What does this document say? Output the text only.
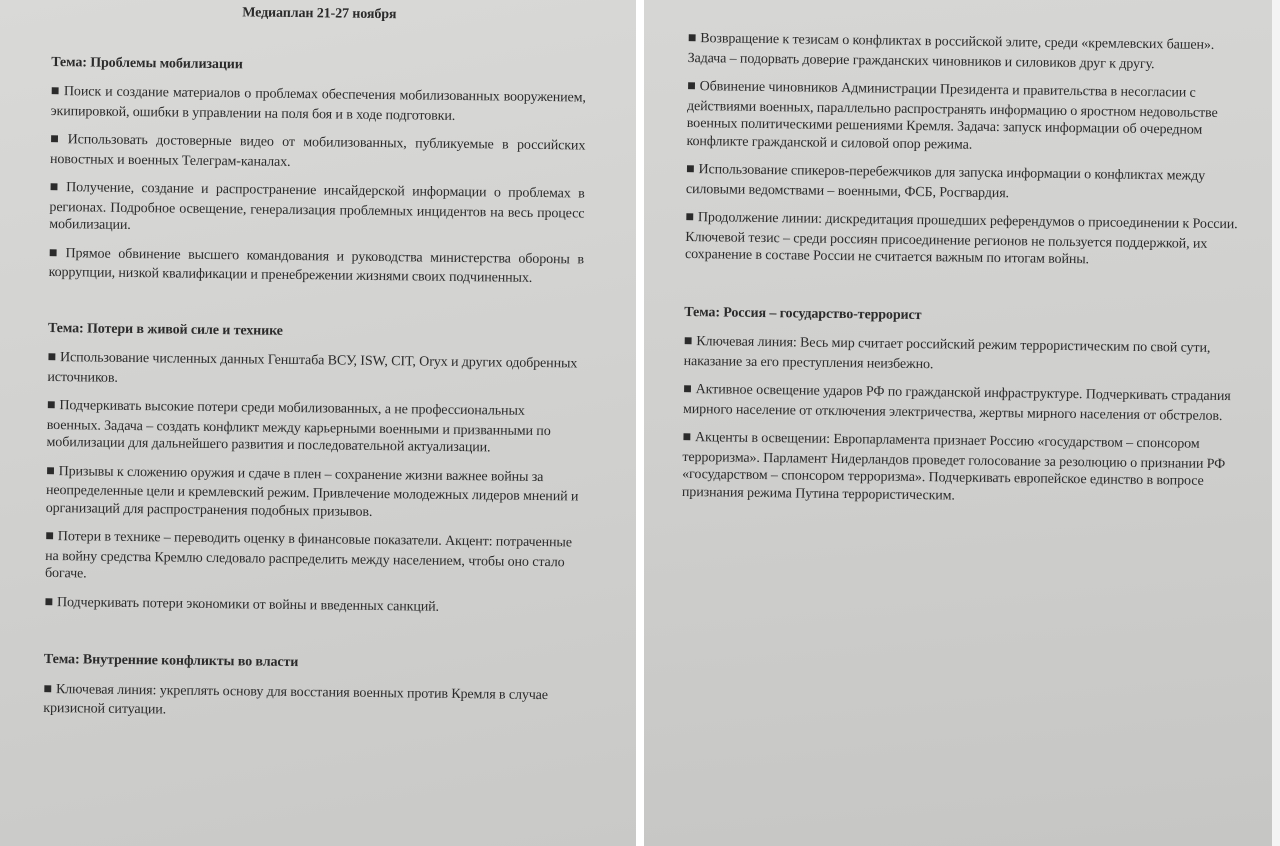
Медиаплан 21-27 ноября
Тема: Проблемы мобилизации
■ Поиск и создание материалов о проблемах обеспечения мобилизованных вооружением, экипировкой, ошибки в управлении на поля боя и в ходе подготовки.
■ Использовать достоверные видео от мобилизованных, публикуемые в российских новостных и военных Телеграм-каналах.
■ Получение, создание и распространение инсайдерской информации о проблемах в регионах. Подробное освещение, генерализация проблемных инцидентов на весь процесс мобилизации.
■ Прямое обвинение высшего командования и руководства министерства обороны в коррупции, низкой квалификации и пренебрежении жизнями своих подчиненных.
Тема: Потери в живой силе и технике
■ Использование численных данных Генштаба ВСУ, ISW, CIT, Oryx и других одобренных источников.
■ Подчеркивать высокие потери среди мобилизованных, а не профессиональных военных. Задача – создать конфликт между карьерными военными и призванными по мобилизации для дальнейшего развития и последовательной актуализации.
■ Призывы к сложению оружия и сдаче в плен – сохранение жизни важнее войны за неопределенные цели и кремлевский режим. Привлечение молодежных лидеров мнений и организаций для распространения подобных призывов.
■ Потери в технике – переводить оценку в финансовые показатели. Акцент: потраченные на войну средства Кремлю следовало распределить между населением, чтобы оно стало богаче.
■ Подчеркивать потери экономики от войны и введенных санкций.
Тема: Внутренние конфликты во власти
■ Ключевая линия: укреплять основу для восстания военных против Кремля в случае кризисной ситуации.
■ Возвращение к тезисам о конфликтах в российской элите, среди «кремлевских башен». Задача – подорвать доверие гражданских чиновников и силовиков друг к другу.
■ Обвинение чиновников Администрации Президента и правительства в несогласии с действиями военных, параллельно распространять информацию о яростном недовольстве военных политическими решениями Кремля. Задача: запуск информации об очередном конфликте гражданской и силовой опор режима.
■ Использование спикеров-перебежчиков для запуска информации о конфликтах между силовыми ведомствами – военными, ФСБ, Росгвардия.
■ Продолжение линии: дискредитация прошедших референдумов о присоединении к России. Ключевой тезис – среди россиян присоединение регионов не пользуется поддержкой, их сохранение в составе России не считается важным по итогам войны.
Тема: Россия – государство-террорист
■ Ключевая линия: Весь мир считает российский режим террористическим по свой сути, наказание за его преступления неизбежно.
■ Активное освещение ударов РФ по гражданской инфраструктуре. Подчеркивать страдания мирного население от отключения электричества, жертвы мирного населения от обстрелов.
■ Акценты в освещении: Европарламента признает Россию «государством – спонсором терроризма». Парламент Нидерландов проведет голосование за резолюцию о признании РФ «государством – спонсором терроризма». Подчеркивать европейское единство в вопросе признания режима Путина террористическим.
